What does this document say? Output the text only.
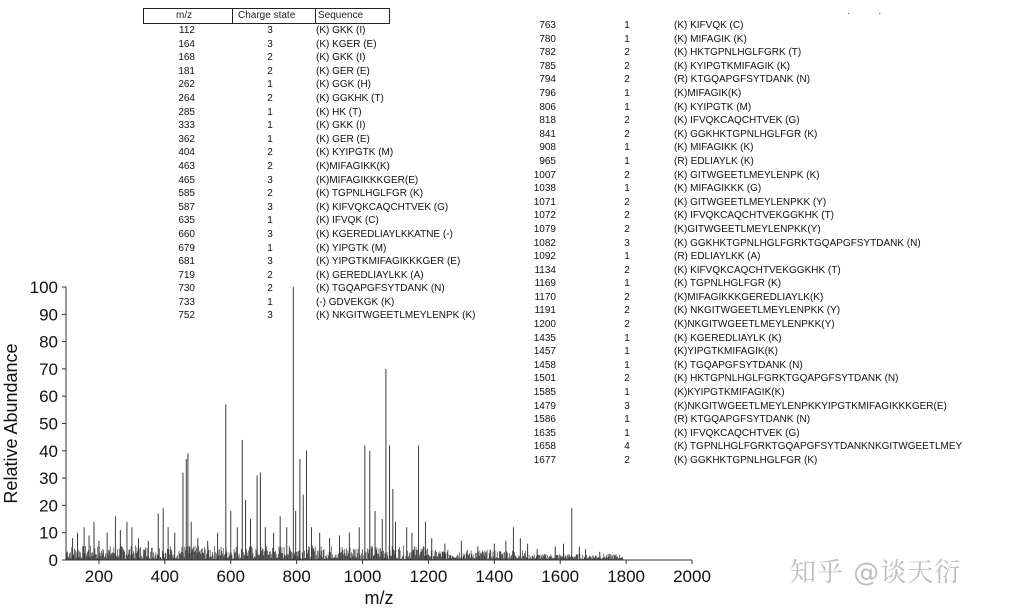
0
10
20
30
40
50
60
70
80
90
100
200 400 600 800 1000 1200 1400 1600 1800 2000
m/z
Relative Abundance
m/z	Charge state Sequence
112	3	(K) GKK (I)
164	3	(K) KGER (E)
168	2	(K) GKK (I)
181	2	(K) GER (E)
262	1	(K) GGK (H)
264	2	(K) GGKHK (T)
285	1	(K) HK (T)
333	1	(K) GKK (I)
362	1	(K) GER (E)
404	2	(K) KYIPGTK (M)
463	2	(K)MIFAGIKK(K)
465	3	(K)MIFAGIKKKGER(E)
585	2	(K) TGPNLHGLFGR (K)
587	3	(K) KIFVQKCAQCHTVEK (G)
635	1	(K) IFVQK (C)
660	3	(K) KGEREDLIAYLKKATNE (-)
679	1	(K) YIPGTK (M)
681	3	(K) YIPGTKMIFAGIKKKGER (E)
719	2	(K) GEREDLIAYLKK (A)
730	2	(K) TGQAPGFSYTDANK (N)
733	1	(-) GDVEKGK (K)
752	3	(K) NKGITWGEETLMEYLENPK (K)
763	1	(K) KIFVQK (C)
780	1	(K) MIFAGIK (K)
782	2	(K) HKTGPNLHGLFGRK (T)
785	2	(K) KYIPGTKMIFAGIK (K)
794	2	(R) KTGQAPGFSYTDANK (N)
796	1	(K)MIFAGIK(K)
806	1	(K) KYIPGTK (M)
818	2	(K) IFVQKCAQCHTVEK (G)
841	2	(K) GGKHKTGPNLHGLFGR (K)
908	1	(K) MIFAGIKK (K)
965	1	(R) EDLIAYLK (K)
1007	2	(K) GITWGEETLMEYLENPK (K)
1038	1	(K) MIFAGIKKK (G)
1071	2	(K) GITWGEETLMEYLENPKK (Y)
1072	2	(K) IFVQKCAQCHTVEKGGKHK (T)
1079	2	(K)GITWGEETLMEYLENPKK(Y)
1082	3	(K) GGKHKTGPNLHGLFGRKTGQAPGFSYTDANK (N)
1092	1	(R) EDLIAYLKK (A)
1134	2	(K) KIFVQKCAQCHTVEKGGKHK (T)
1169	1	(K) TGPNLHGLFGR (K)
1170	2	(K)MIFAGIKKKGEREDLIAYLK(K)
1191	2	(K) NKGITWGEETLMEYLENPKK (Y)
1200	2	(K)NKGITWGEETLMEYLENPKK(Y)
1435	1	(K) KGEREDLIAYLK (K)
1457	1	(K)YIPGTKMIFAGIK(K)
1458	1	(K) TGQAPGFSYTDANK (N)
1501	2	(K) HKTGPNLHGLFGRKTGQAPGFSYTDANK (N)
1585	1	(K)KYIPGTKMIFAGIK(K)
1479	3	(K)NKGITWGEETLMEYLENPKKYIPGTKMIFAGIKKKGER(E)
1586	1	(R) KTGQAPGFSYTDANK (N)
1635	1	(K) IFVQKCAQCHTVEK (G)
1658	4	(K) TGPNLHGLFGRKTGQAPGFSYTDANKNKGITWGEETLMEY
1677	2	(K) GGKHKTGPNLHGLFGR (K)
·          ·
知乎 @谈天衍
